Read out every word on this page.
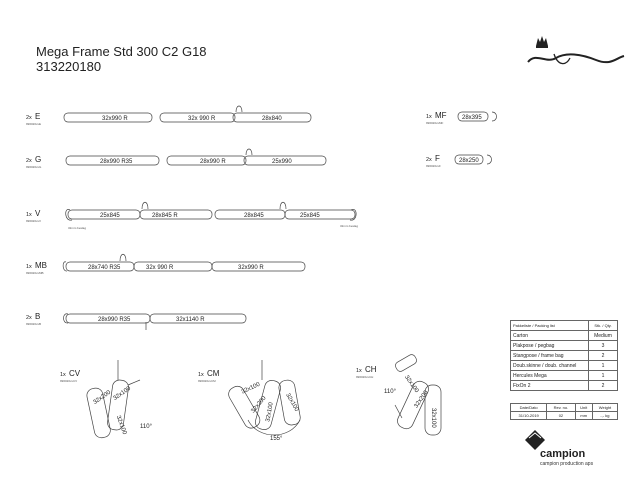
Mega Frame Std 300 C2 G18
313220180
2x E
996020xxE
32x990 R	32x 990 R	28x840
2x G
996020xxG
28x990 R35	28x990 R	25x990
1x V
996020xxV
25x845	28x845 R	28x845	25x845
32mm beslag	32mm beslag
1x MB
996020xxMB
28x740 R35	32x 990 R	32x990 R
2x B
996020xxB
28x990 R35	32x1140 R
1x MF
996020xxMF
28x395
2x F
996020xxF
28x250
1x CV
996020xxCV
32x200 32x100
32x100 110°
1x CM
996020xxCM
32x100
32x200
32x100 32x100
155°
1x CH
996020xxCH	32x100
32x200
32x100
110°
Pakkeliste / Packing list	Stk. / Qty.
Carton	Medium
Plakpose / pegbag	3
Stangpose / frame bag	2
Doub.skinne / doub. channel	1
Hercules Mega	1
FixOn 2	2
Date/Dato	Rev. no.	Unit	Weight
31/10-2019	02	mm	-,- kg
campion
campion production aps
